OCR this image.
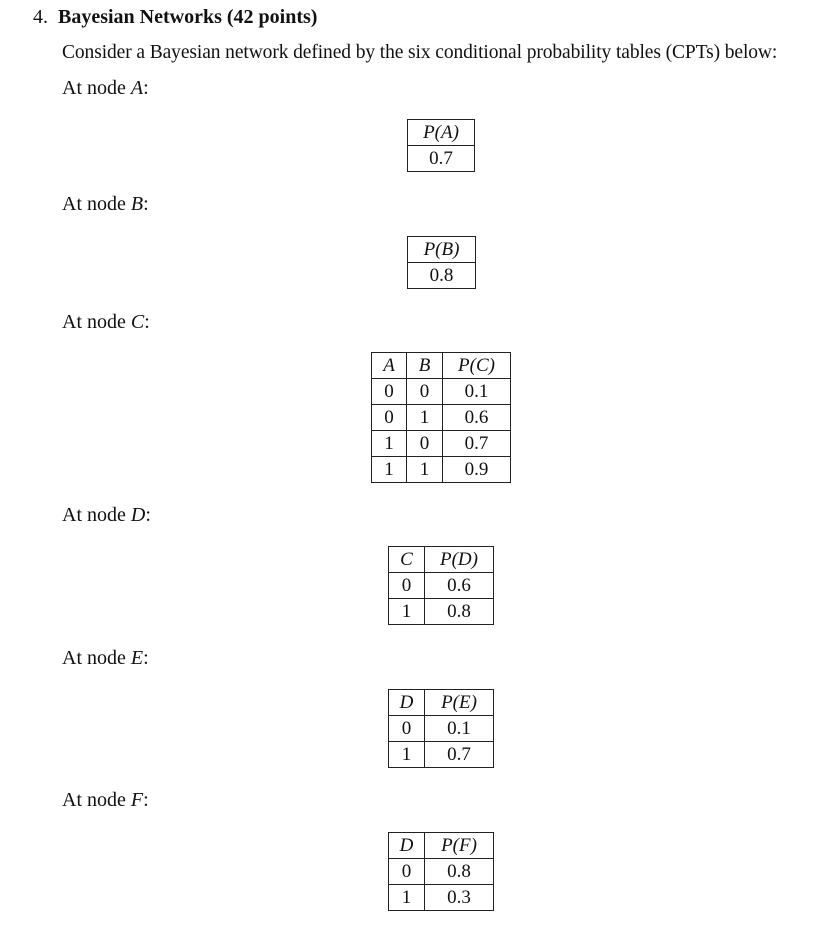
4. Bayesian Networks (42 points)
Consider a Bayesian network defined by the six conditional probability tables (CPTs) below:
At node A:
P(A)
0.7
At node B:
P(B)
0.8
At node C:
A	B	P(C)
0	0	0.1
0	1	0.6
1	0	0.7
1	1	0.9
At node D:
C	P(D)
0	0.6
1	0.8
At node E:
D	P(E)
0	0.1
1	0.7
At node F:
D	P(F)
0	0.8
1	0.3
